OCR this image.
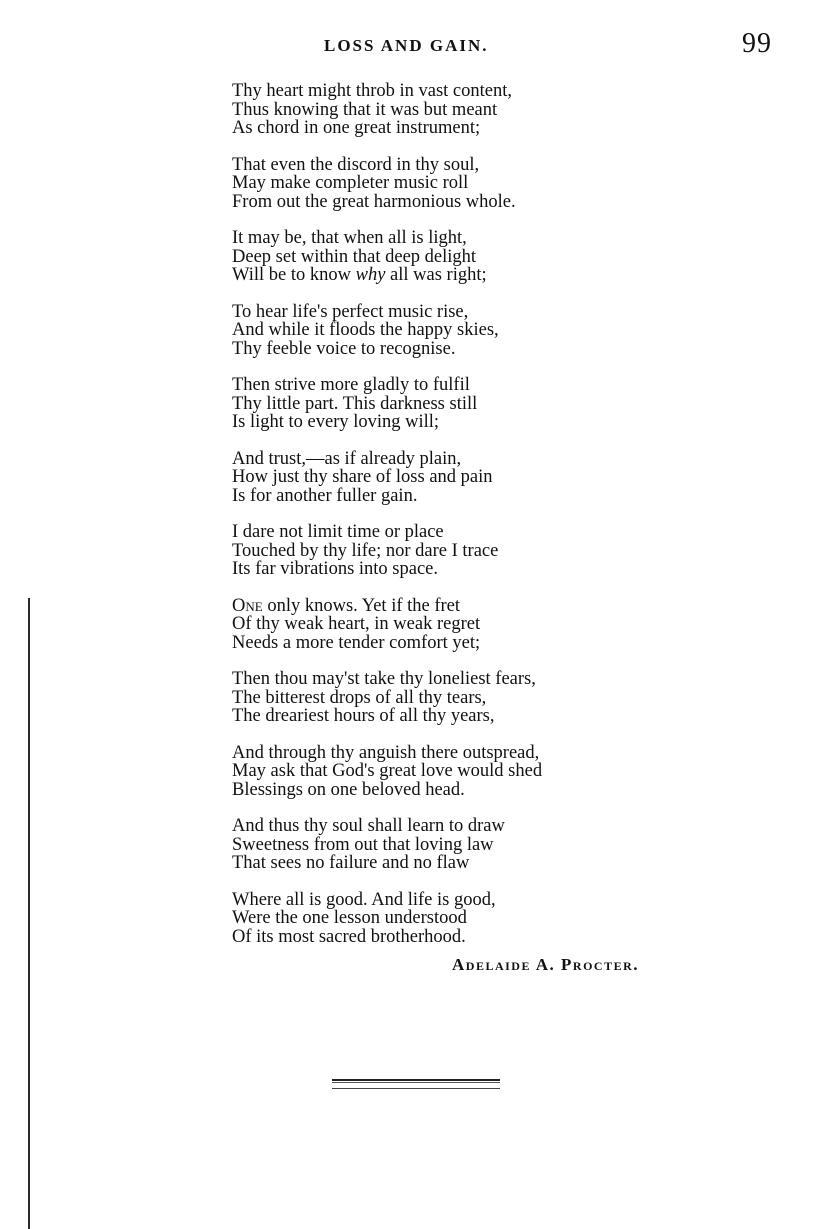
LOSS AND GAIN.	99
Thy heart might throb in vast content,
Thus knowing that it was but meant
As chord in one great instrument;
That even the discord in thy soul,
May make completer music roll
From out the great harmonious whole.
It may be, that when all is light,
Deep set within that deep delight
Will be to know why all was right;
To hear life's perfect music rise,
And while it floods the happy skies,
Thy feeble voice to recognise.
Then strive more gladly to fulfil
Thy little part. This darkness still
Is light to every loving will;
And trust,—as if already plain,
How just thy share of loss and pain
Is for another fuller gain.
I dare not limit time or place
Touched by thy life; nor dare I trace
Its far vibrations into space.
One only knows. Yet if the fret
Of thy weak heart, in weak regret
Needs a more tender comfort yet;
Then thou may'st take thy loneliest fears,
The bitterest drops of all thy tears,
The dreariest hours of all thy years,
And through thy anguish there outspread,
May ask that God's great love would shed
Blessings on one beloved head.
And thus thy soul shall learn to draw
Sweetness from out that loving law
That sees no failure and no flaw
Where all is good. And life is good,
Were the one lesson understood
Of its most sacred brotherhood.
Adelaide A. Procter.
